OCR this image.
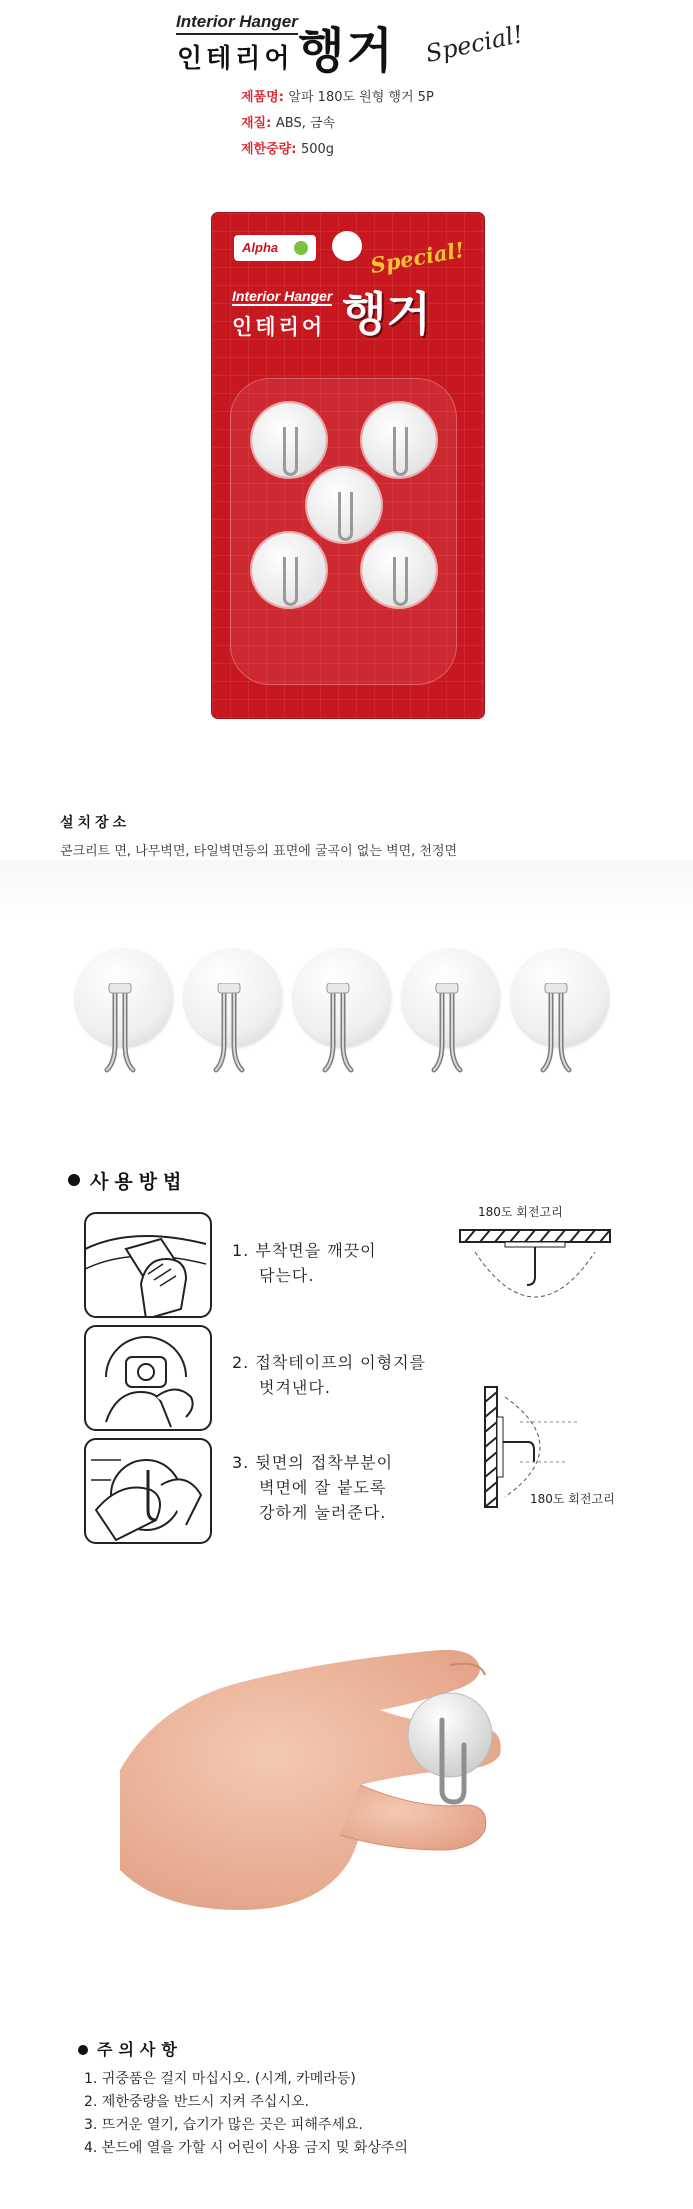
Interior Hanger
인테리어 행거 Special!
제품명: 알파 180도 원형 행거 5P
재질: ABS, 금속
제한중량: 500g
Alpha	Special!
Interior Hanger
인테리어 행거
설치장소
콘크리트 면, 나무벽면, 타일벽면등의 표면에 굴곡이 없는 벽면, 천정면
사용방법
1. 부착면을 깨끗이
닦는다.
2. 접착테이프의 이형지를
벗겨낸다.
3. 뒷면의 접착부분이
벽면에 잘 붙도록
강하게 눌러준다.
180도 회전고리
180도 회전고리
주의사항
1. 귀중품은 걸지 마십시오. (시계, 카메라등)
2. 제한중량을 반드시 지켜 주십시오.
3. 뜨거운 열기, 습기가 많은 곳은 피해주세요.
4. 본드에 열을 가할 시 어린이 사용 금지 및 화상주의
